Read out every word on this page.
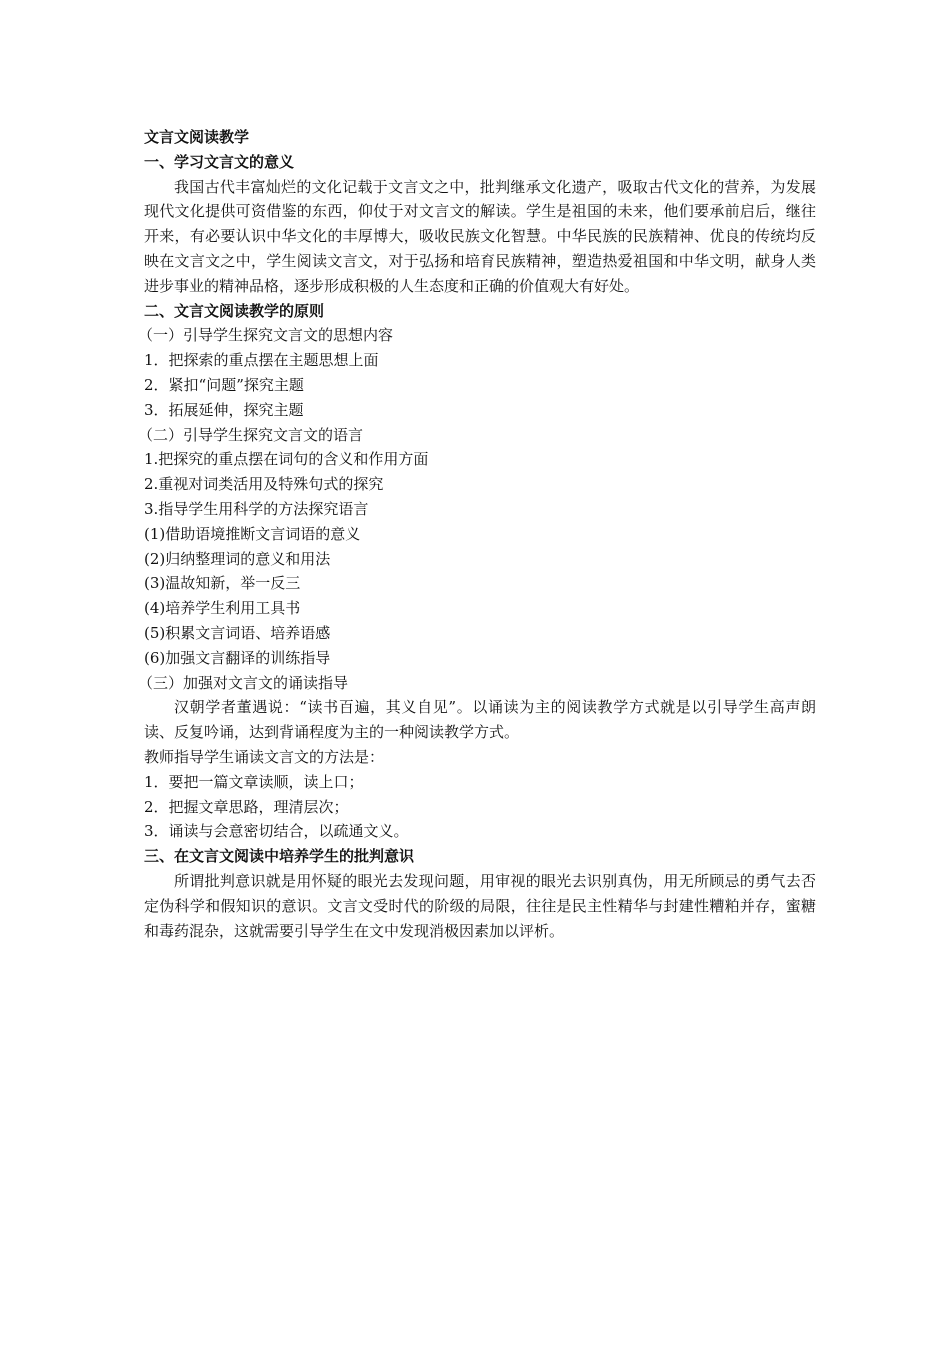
文言文阅读教学

一、学习文言文的意义

我国古代丰富灿烂的文化记载于文言文之中，批判继承文化遗产，吸取古代文化的营养，为发展现代文化提供可资借鉴的东西，仰仗于对文言文的解读。学生是祖国的未来，他们要承前启后，继往开来，有必要认识中华文化的丰厚博大，吸收民族文化智慧。中华民族的民族精神、优良的传统均反映在文言文之中，学生阅读文言文，对于弘扬和培育民族精神，塑造热爱祖国和中华文明，献身人类进步事业的精神品格，逐步形成积极的人生态度和正确的价值观大有好处。

二、文言文阅读教学的原则

（一）引导学生探究文言文的思想内容

1．把探索的重点摆在主题思想上面

2．紧扣“问题”探究主题

3．拓展延伸，探究主题

（二）引导学生探究文言文的语言

1.把探究的重点摆在词句的含义和作用方面

2.重视对词类活用及特殊句式的探究

3.指导学生用科学的方法探究语言

(1)借助语境推断文言词语的意义

(2)归纳整理词的意义和用法

(3)温故知新，举一反三

(4)培养学生利用工具书

(5)积累文言词语、培养语感

(6)加强文言翻译的训练指导

（三）加强对文言文的诵读指导

汉朝学者董遇说：“读书百遍，其义自见”。以诵读为主的阅读教学方式就是以引导学生高声朗读、反复吟诵，达到背诵程度为主的一种阅读教学方式。

教师指导学生诵读文言文的方法是：

1．要把一篇文章读顺，读上口；

2．把握文章思路，理清层次；

3．诵读与会意密切结合，以疏通文义。

三、在文言文阅读中培养学生的批判意识

所谓批判意识就是用怀疑的眼光去发现问题，用审视的眼光去识别真伪，用无所顾忌的勇气去否定伪科学和假知识的意识。文言文受时代的阶级的局限，往往是民主性精华与封建性糟粕并存，蜜糖和毒药混杂，这就需要引导学生在文中发现消极因素加以评析。
